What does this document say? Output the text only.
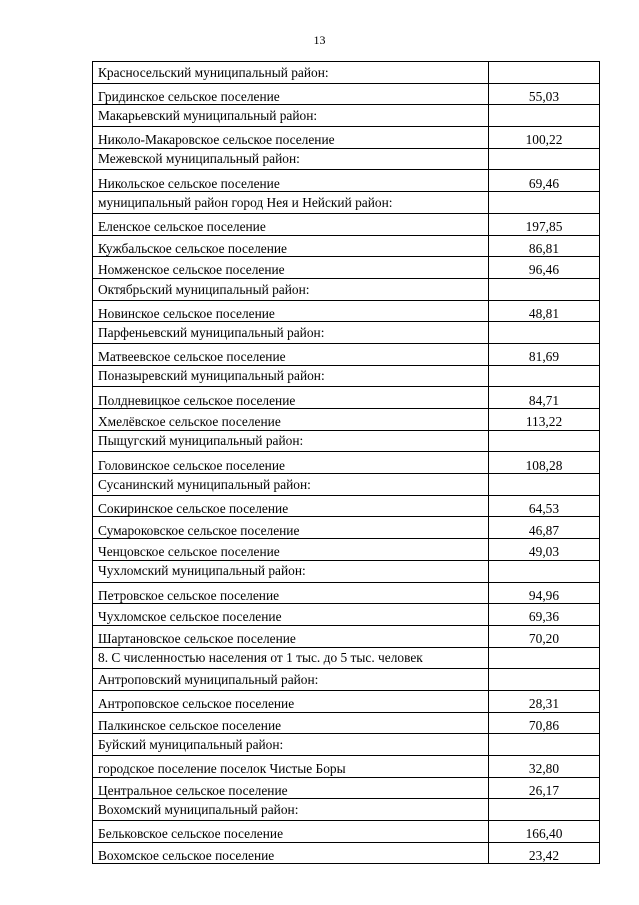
13
Красносельский муниципальный район:	
Гридинское сельское поселение	55,03
Макарьевский муниципальный район:	
Николо-Макаровское сельское поселение	100,22
Межевской муниципальный район:	
Никольское сельское поселение	69,46
муниципальный район город Нея и Нейский район:	
Еленское сельское поселение	197,85
Кужбальское сельское поселение	86,81
Номженское сельское поселение	96,46
Октябрьский муниципальный район:	
Новинское сельское поселение	48,81
Парфеньевский муниципальный район:	
Матвеевское сельское поселение	81,69
Поназыревский муниципальный район:	
Полдневицкое сельское поселение	84,71
Хмелёвское сельское поселение	113,22
Пыщугский муниципальный район:	
Головинское сельское поселение	108,28
Сусанинский муниципальный район:	
Сокиринское сельское поселение	64,53
Сумароковское сельское поселение	46,87
Ченцовское сельское поселение	49,03
Чухломский муниципальный район:	
Петровское сельское поселение	94,96
Чухломское сельское поселение	69,36
Шартановское сельское поселение	70,20
8. С численностью населения от 1 тыс. до 5 тыс. человек	
Антроповский муниципальный район:	
Антроповское сельское поселение	28,31
Палкинское сельское поселение	70,86
Буйский муниципальный район:	
городское поселение поселок Чистые Боры	32,80
Центральное сельское поселение	26,17
Вохомский муниципальный район:	
Бельковское сельское поселение	166,40
Вохомское сельское поселение	23,42
